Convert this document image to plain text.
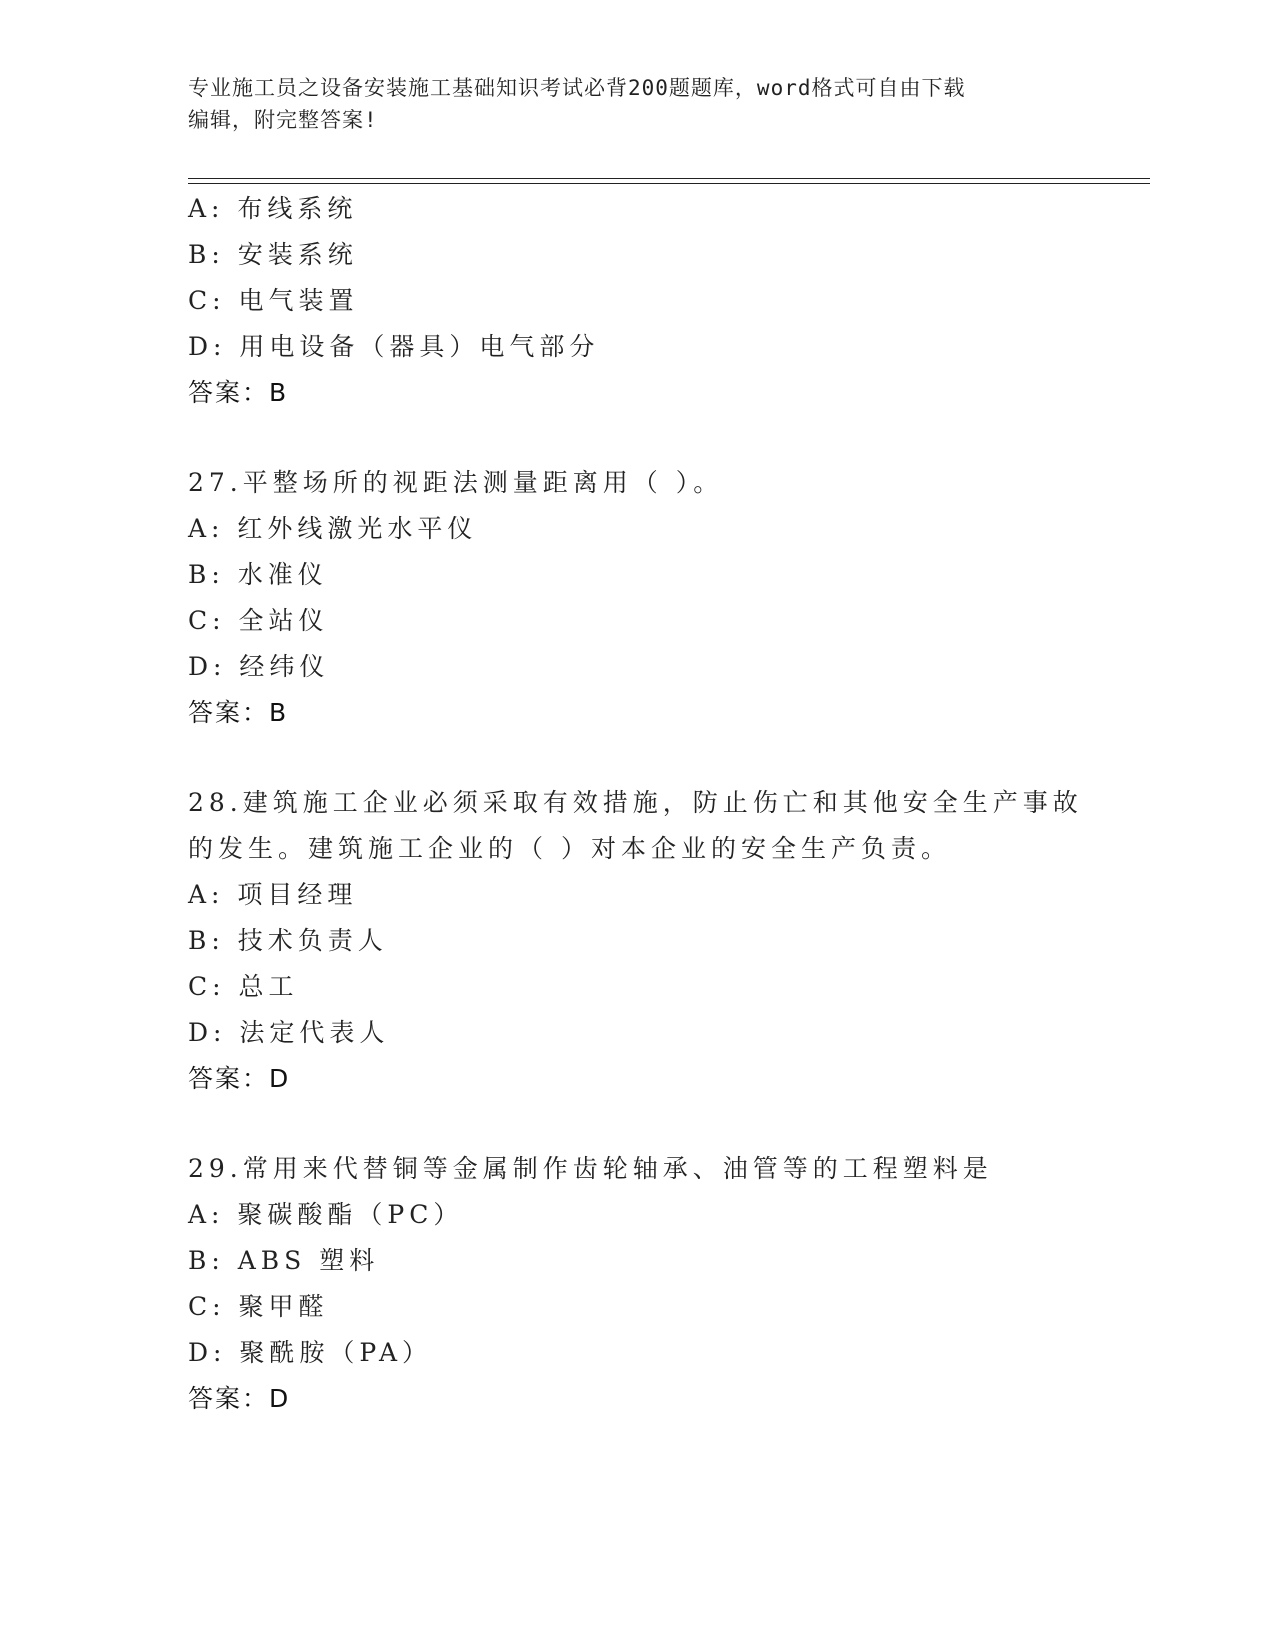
专业施工员之设备安装施工基础知识考试必背200题题库，word格式可自由下载
编辑，附完整答案!
A: 布线系统
B: 安装系统
C: 电气装置
D: 用电设备（器具）电气部分
答案：B
27.平整场所的视距法测量距离用（ ）。
A: 红外线激光水平仪
B: 水准仪
C: 全站仪
D: 经纬仪
答案：B
28.建筑施工企业必须采取有效措施，防止伤亡和其他安全生产事故的发生。建筑施工企业的（ ）对本企业的安全生产负责。
A: 项目经理
B: 技术负责人
C: 总工
D: 法定代表人
答案：D
29.常用来代替铜等金属制作齿轮轴承、油管等的工程塑料是
A: 聚碳酸酯（PC）
B: ABS 塑料
C: 聚甲醛
D: 聚酰胺（PA）
答案：D
